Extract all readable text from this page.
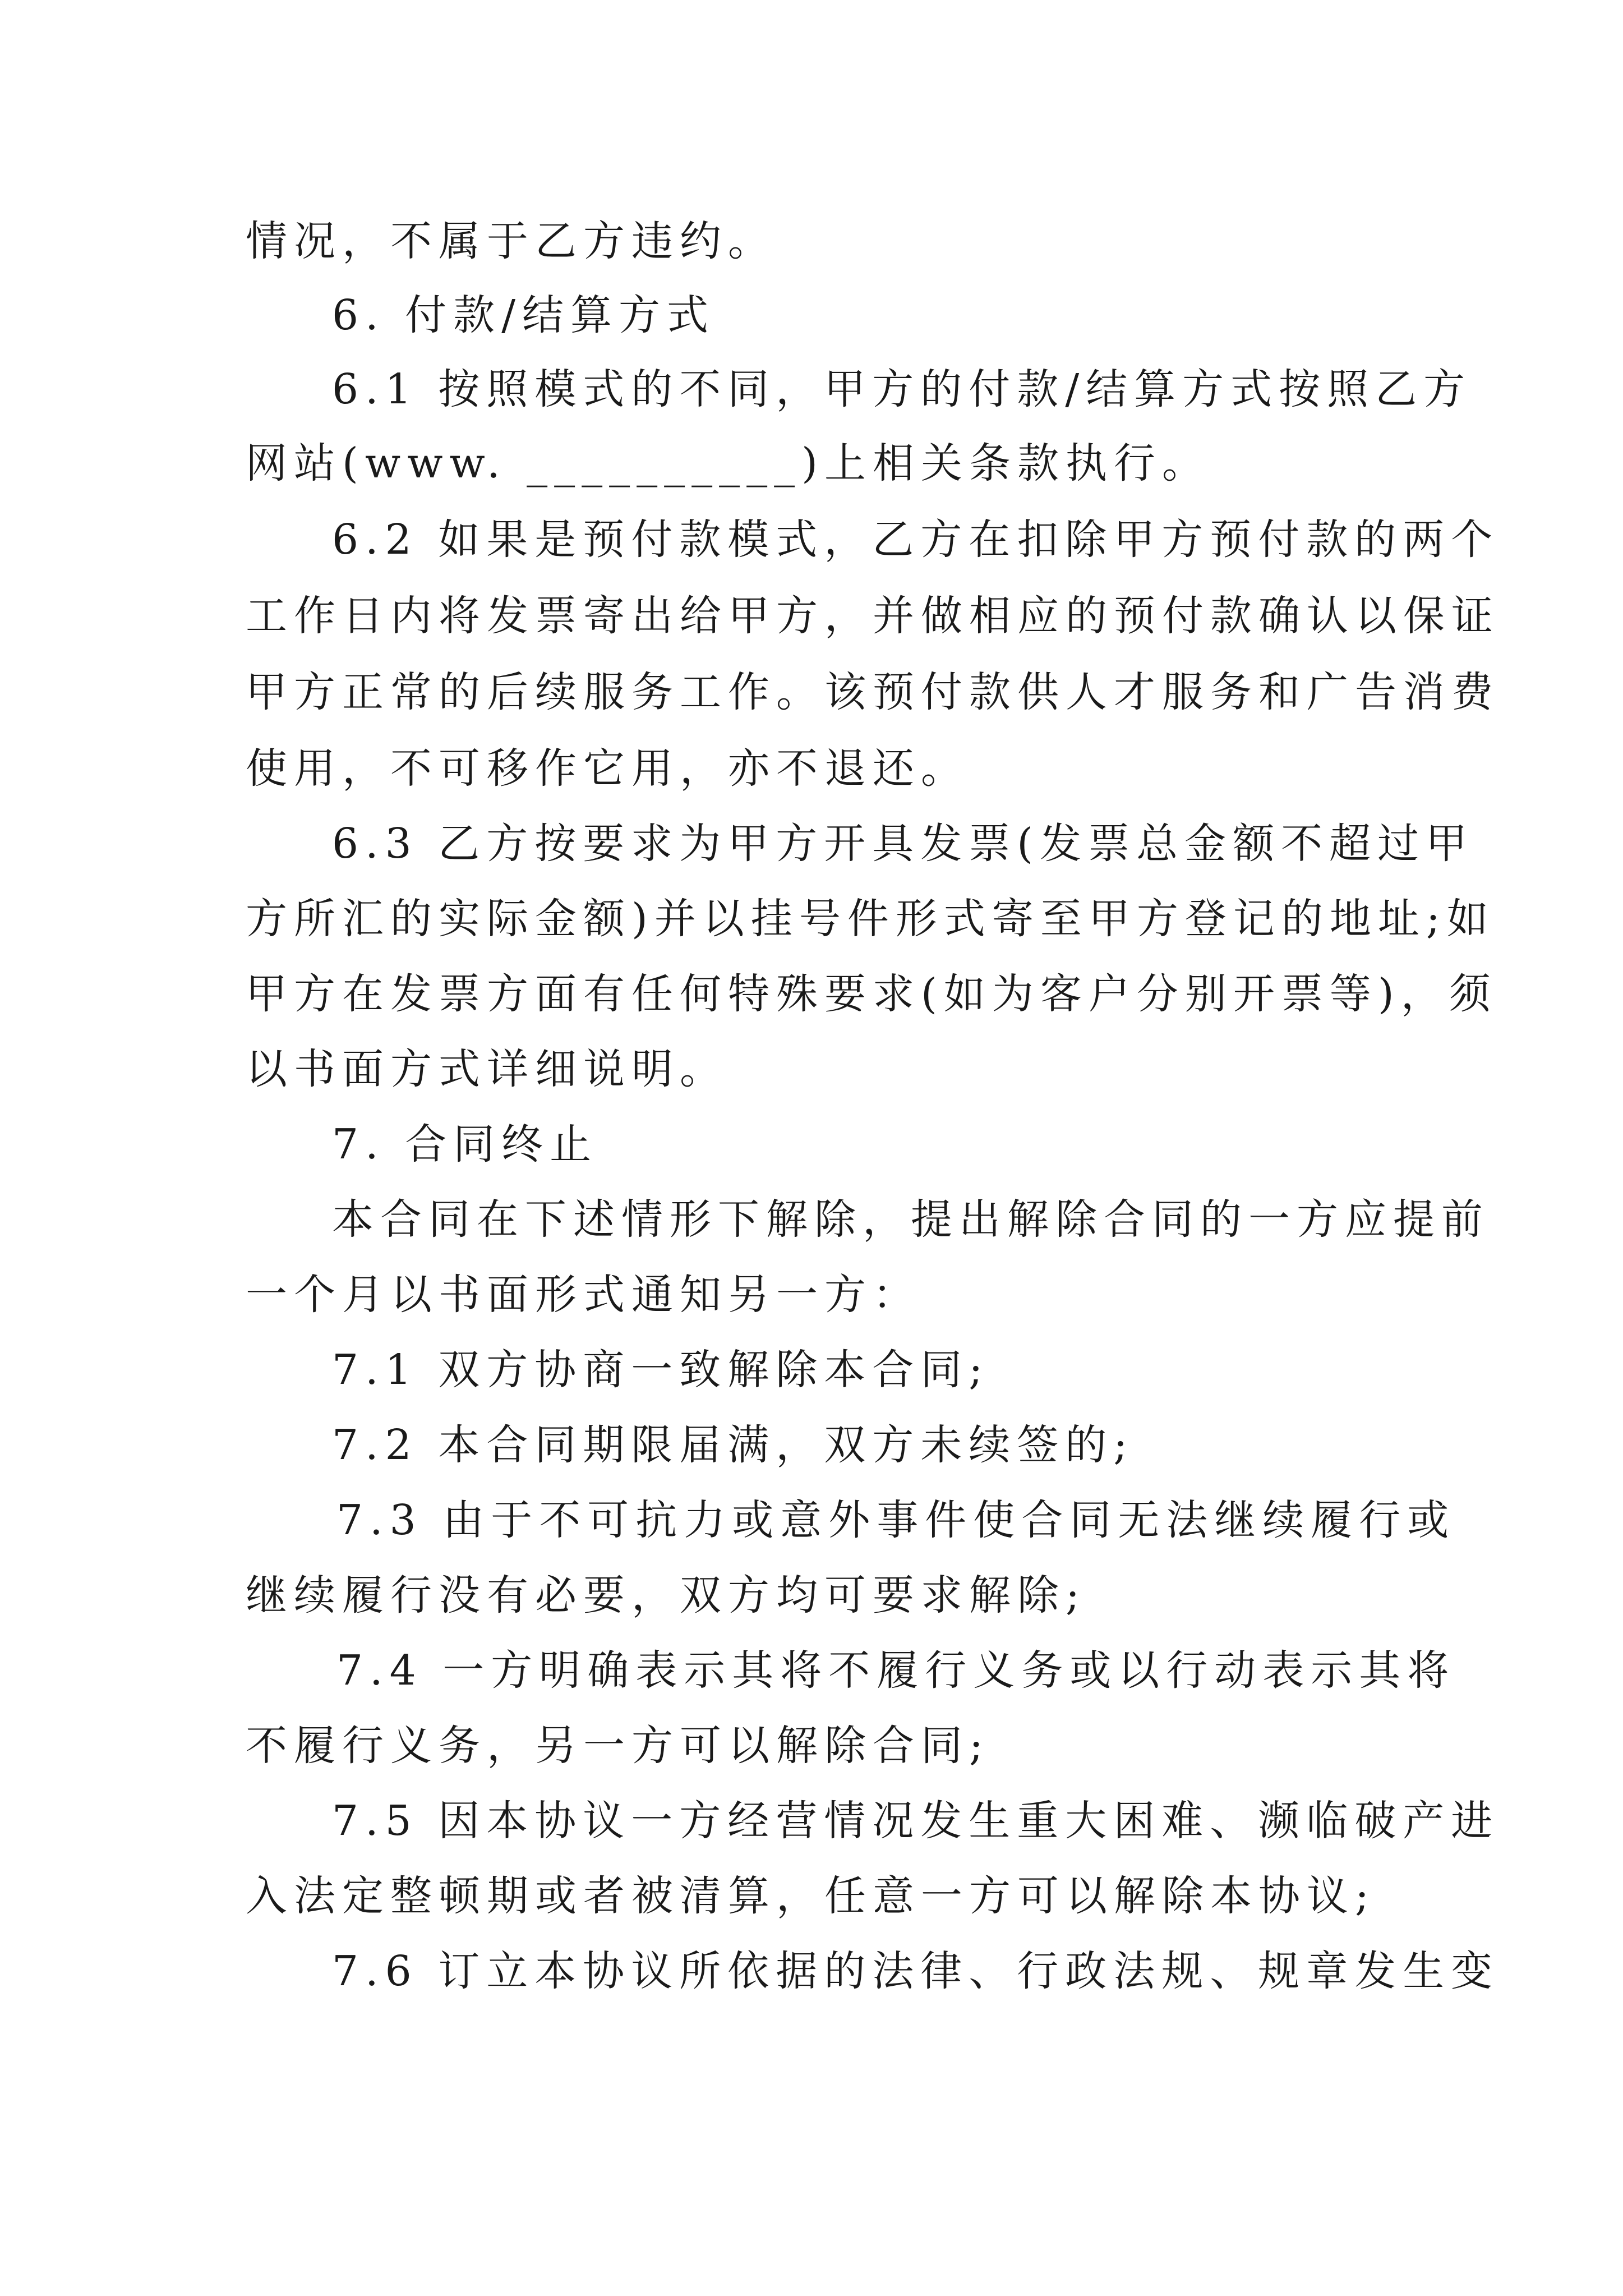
情况，不属于乙方违约。

6. 付款/结算方式

6.1 按照模式的不同，甲方的付款/结算方式按照乙方

网站(www. __________)上相关条款执行。

6.2 如果是预付款模式，乙方在扣除甲方预付款的两个

工作日内将发票寄出给甲方，并做相应的预付款确认以保证

甲方正常的后续服务工作。该预付款供人才服务和广告消费

使用，不可移作它用，亦不退还。

6.3 乙方按要求为甲方开具发票(发票总金额不超过甲

方所汇的实际金额)并以挂号件形式寄至甲方登记的地址;如

甲方在发票方面有任何特殊要求(如为客户分别开票等)，须

以书面方式详细说明。

7. 合同终止

本合同在下述情形下解除，提出解除合同的一方应提前

一个月以书面形式通知另一方：

7.1 双方协商一致解除本合同;

7.2 本合同期限届满，双方未续签的;

7.3 由于不可抗力或意外事件使合同无法继续履行或

继续履行没有必要，双方均可要求解除;

7.4 一方明确表示其将不履行义务或以行动表示其将

不履行义务，另一方可以解除合同;

7.5 因本协议一方经营情况发生重大困难、濒临破产进

入法定整顿期或者被清算，任意一方可以解除本协议;

7.6 订立本协议所依据的法律、行政法规、规章发生变
